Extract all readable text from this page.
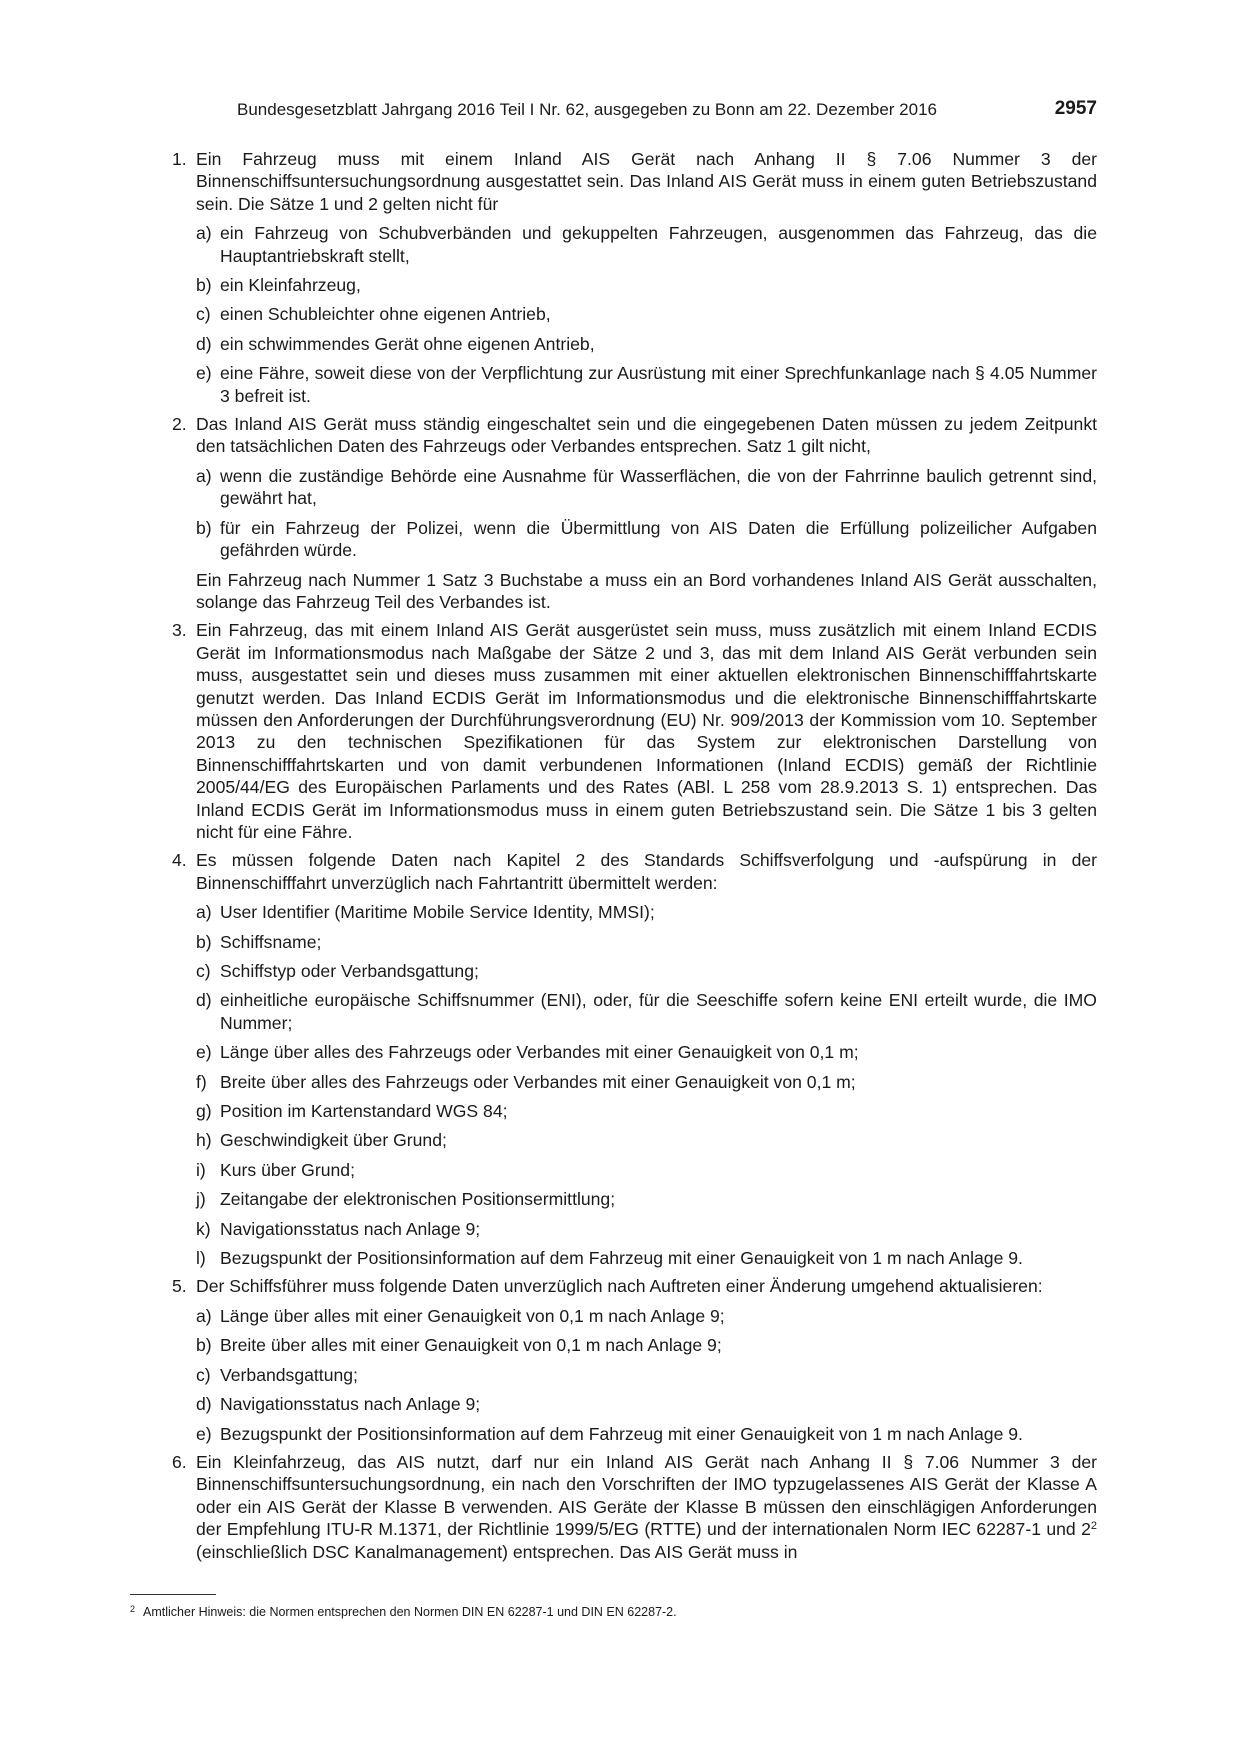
Bundesgesetzblatt Jahrgang 2016 Teil I Nr. 62, ausgegeben zu Bonn am 22. Dezember 2016	2957
1. Ein Fahrzeug muss mit einem Inland AIS Gerät nach Anhang II § 7.06 Nummer 3 der Binnenschiffsuntersuchungsordnung ausgestattet sein. Das Inland AIS Gerät muss in einem guten Betriebszustand sein. Die Sätze 1 und 2 gelten nicht für
a) ein Fahrzeug von Schubverbänden und gekuppelten Fahrzeugen, ausgenommen das Fahrzeug, das die Hauptantriebskraft stellt,
b) ein Kleinfahrzeug,
c) einen Schubleichter ohne eigenen Antrieb,
d) ein schwimmendes Gerät ohne eigenen Antrieb,
e) eine Fähre, soweit diese von der Verpflichtung zur Ausrüstung mit einer Sprechfunkanlage nach § 4.05 Nummer 3 befreit ist.
2. Das Inland AIS Gerät muss ständig eingeschaltet sein und die eingegebenen Daten müssen zu jedem Zeitpunkt den tatsächlichen Daten des Fahrzeugs oder Verbandes entsprechen. Satz 1 gilt nicht,
a) wenn die zuständige Behörde eine Ausnahme für Wasserflächen, die von der Fahrrinne baulich getrennt sind, gewährt hat,
b) für ein Fahrzeug der Polizei, wenn die Übermittlung von AIS Daten die Erfüllung polizeilicher Aufgaben gefährden würde.
Ein Fahrzeug nach Nummer 1 Satz 3 Buchstabe a muss ein an Bord vorhandenes Inland AIS Gerät ausschalten, solange das Fahrzeug Teil des Verbandes ist.
3. Ein Fahrzeug, das mit einem Inland AIS Gerät ausgerüstet sein muss, muss zusätzlich mit einem Inland ECDIS Gerät im Informationsmodus nach Maßgabe der Sätze 2 und 3, das mit dem Inland AIS Gerät verbunden sein muss, ausgestattet sein und dieses muss zusammen mit einer aktuellen elektronischen Binnenschifffahrtskarte genutzt werden. Das Inland ECDIS Gerät im Informationsmodus und die elektronische Binnenschifffahrtskarte müssen den Anforderungen der Durchführungsverordnung (EU) Nr. 909/2013 der Kommission vom 10. September 2013 zu den technischen Spezifikationen für das System zur elektronischen Darstellung von Binnenschifffahrtskarten und von damit verbundenen Informationen (Inland ECDIS) gemäß der Richtlinie 2005/44/EG des Europäischen Parlaments und des Rates (ABl. L 258 vom 28.9.2013 S. 1) entsprechen. Das Inland ECDIS Gerät im Informationsmodus muss in einem guten Betriebszustand sein. Die Sätze 1 bis 3 gelten nicht für eine Fähre.
4. Es müssen folgende Daten nach Kapitel 2 des Standards Schiffsverfolgung und -aufspürung in der Binnenschifffahrt unverzüglich nach Fahrtantritt übermittelt werden:
a) User Identifier (Maritime Mobile Service Identity, MMSI);
b) Schiffsname;
c) Schiffstyp oder Verbandsgattung;
d) einheitliche europäische Schiffsnummer (ENI), oder, für die Seeschiffe sofern keine ENI erteilt wurde, die IMO Nummer;
e) Länge über alles des Fahrzeugs oder Verbandes mit einer Genauigkeit von 0,1 m;
f) Breite über alles des Fahrzeugs oder Verbandes mit einer Genauigkeit von 0,1 m;
g) Position im Kartenstandard WGS 84;
h) Geschwindigkeit über Grund;
i) Kurs über Grund;
j) Zeitangabe der elektronischen Positionsermittlung;
k) Navigationsstatus nach Anlage 9;
l) Bezugspunkt der Positionsinformation auf dem Fahrzeug mit einer Genauigkeit von 1 m nach Anlage 9.
5. Der Schiffsführer muss folgende Daten unverzüglich nach Auftreten einer Änderung umgehend aktualisieren:
a) Länge über alles mit einer Genauigkeit von 0,1 m nach Anlage 9;
b) Breite über alles mit einer Genauigkeit von 0,1 m nach Anlage 9;
c) Verbandsgattung;
d) Navigationsstatus nach Anlage 9;
e) Bezugspunkt der Positionsinformation auf dem Fahrzeug mit einer Genauigkeit von 1 m nach Anlage 9.
6. Ein Kleinfahrzeug, das AIS nutzt, darf nur ein Inland AIS Gerät nach Anhang II § 7.06 Nummer 3 der Binnenschiffsuntersuchungsordnung, ein nach den Vorschriften der IMO typzugelassenes AIS Gerät der Klasse A oder ein AIS Gerät der Klasse B verwenden. AIS Geräte der Klasse B müssen den einschlägigen Anforderungen der Empfehlung ITU-R M.1371, der Richtlinie 1999/5/EG (RTTE) und der internationalen Norm IEC 62287-1 und $2^2$ (einschließlich DSC Kanalmanagement) entsprechen. Das AIS Gerät muss in
$^2$ Amtlicher Hinweis: die Normen entsprechen den Normen DIN EN 62287-1 und DIN EN 62287-2.
